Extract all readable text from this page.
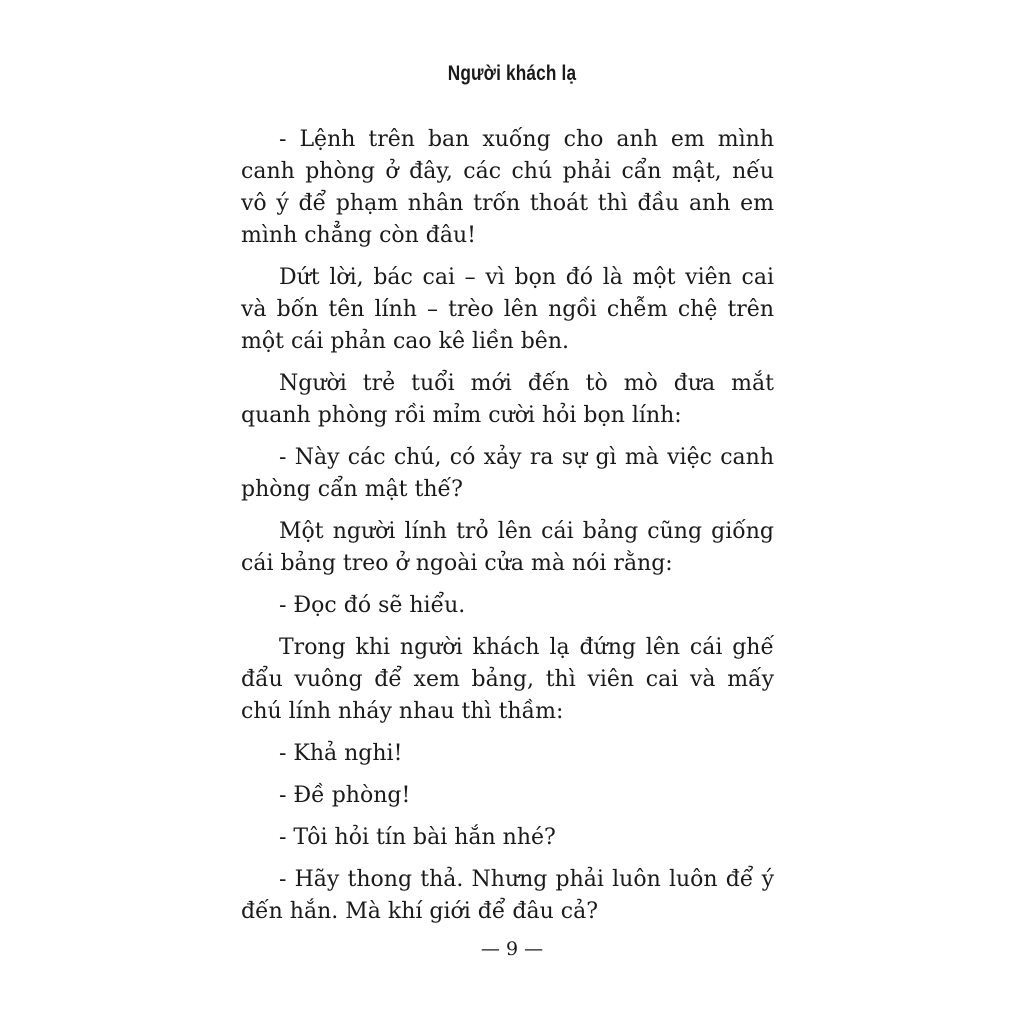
Người khách lạ

- Lệnh trên ban xuống cho anh em mình canh phòng ở đây, các chú phải cẩn mật, nếu vô ý để phạm nhân trốn thoát thì đầu anh em mình chẳng còn đâu!

Dứt lời, bác cai – vì bọn đó là một viên cai và bốn tên lính – trèo lên ngồi chễm chệ trên một cái phản cao kê liền bên.

Người trẻ tuổi mới đến tò mò đưa mắt quanh phòng rồi mỉm cười hỏi bọn lính:

- Này các chú, có xảy ra sự gì mà việc canh phòng cẩn mật thế?

Một người lính trỏ lên cái bảng cũng giống cái bảng treo ở ngoài cửa mà nói rằng:

- Đọc đó sẽ hiểu.

Trong khi người khách lạ đứng lên cái ghế đẩu vuông để xem bảng, thì viên cai và mấy chú lính nháy nhau thì thầm:

- Khả nghi!

- Đề phòng!

- Tôi hỏi tín bài hắn nhé?

- Hãy thong thả. Nhưng phải luôn luôn để ý đến hắn. Mà khí giới để đâu cả?

— 9 —
